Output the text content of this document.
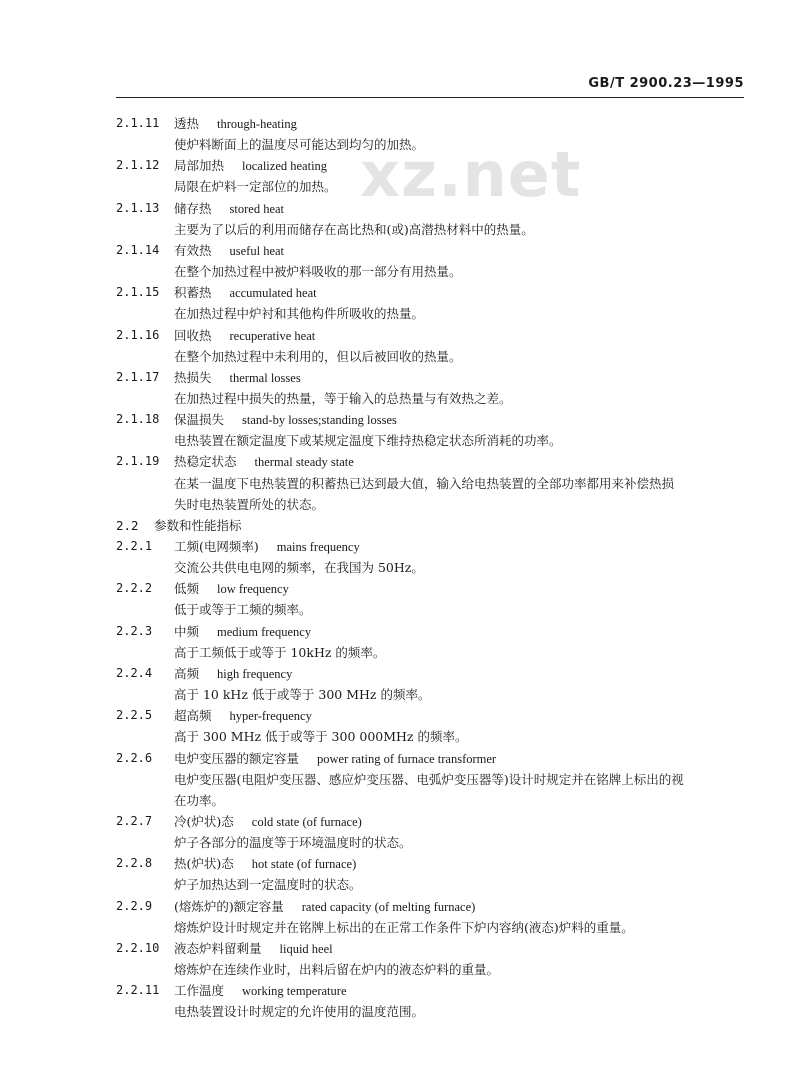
GB/T 2900.23—1995
xz.net
2.1.11	透热 through-heating
使炉料断面上的温度尽可能达到均匀的加热。
2.1.12	局部加热 localized heating
局限在炉料一定部位的加热。
2.1.13	储存热 stored heat
主要为了以后的利用而储存在高比热和(或)高潜热材料中的热量。
2.1.14	有效热 useful heat
在整个加热过程中被炉料吸收的那一部分有用热量。
2.1.15	积蓄热 accumulated heat
在加热过程中炉衬和其他构件所吸收的热量。
2.1.16	回收热 recuperative heat
在整个加热过程中未利用的，但以后被回收的热量。
2.1.17	热损失 thermal losses
在加热过程中损失的热量，等于输入的总热量与有效热之差。
2.1.18	保温损失 stand-by losses;standing losses
电热装置在额定温度下或某规定温度下维持热稳定状态所消耗的功率。
2.1.19	热稳定状态 thermal steady state
在某一温度下电热装置的积蓄热已达到最大值，输入给电热装置的全部功率都用来补偿热损
失时电热装置所处的状态。
2.2 参数和性能指标
2.2.1	工频(电网频率) mains frequency
交流公共供电电网的频率，在我国为 50Hz。
2.2.2	低频 low frequency
低于或等于工频的频率。
2.2.3	中频 medium frequency
高于工频低于或等于 10kHz 的频率。
2.2.4	高频 high frequency
高于 10 kHz 低于或等于 300 MHz 的频率。
2.2.5	超高频 hyper-frequency
高于 300 MHz 低于或等于 300 000MHz 的频率。
2.2.6	电炉变压器的额定容量 power rating of furnace transformer
电炉变压器(电阻炉变压器、感应炉变压器、电弧炉变压器等)设计时规定并在铭牌上标出的视
在功率。
2.2.7	冷(炉状)态 cold state (of furnace)
炉子各部分的温度等于环境温度时的状态。
2.2.8	热(炉状)态 hot state (of furnace)
炉子加热达到一定温度时的状态。
2.2.9	(熔炼炉的)额定容量 rated capacity (of melting furnace)
熔炼炉设计时规定并在铭牌上标出的在正常工作条件下炉内容纳(液态)炉料的重量。
2.2.10	液态炉料留剩量 liquid heel
熔炼炉在连续作业时，出料后留在炉内的液态炉料的重量。
2.2.11	工作温度 working temperature
电热装置设计时规定的允许使用的温度范围。
